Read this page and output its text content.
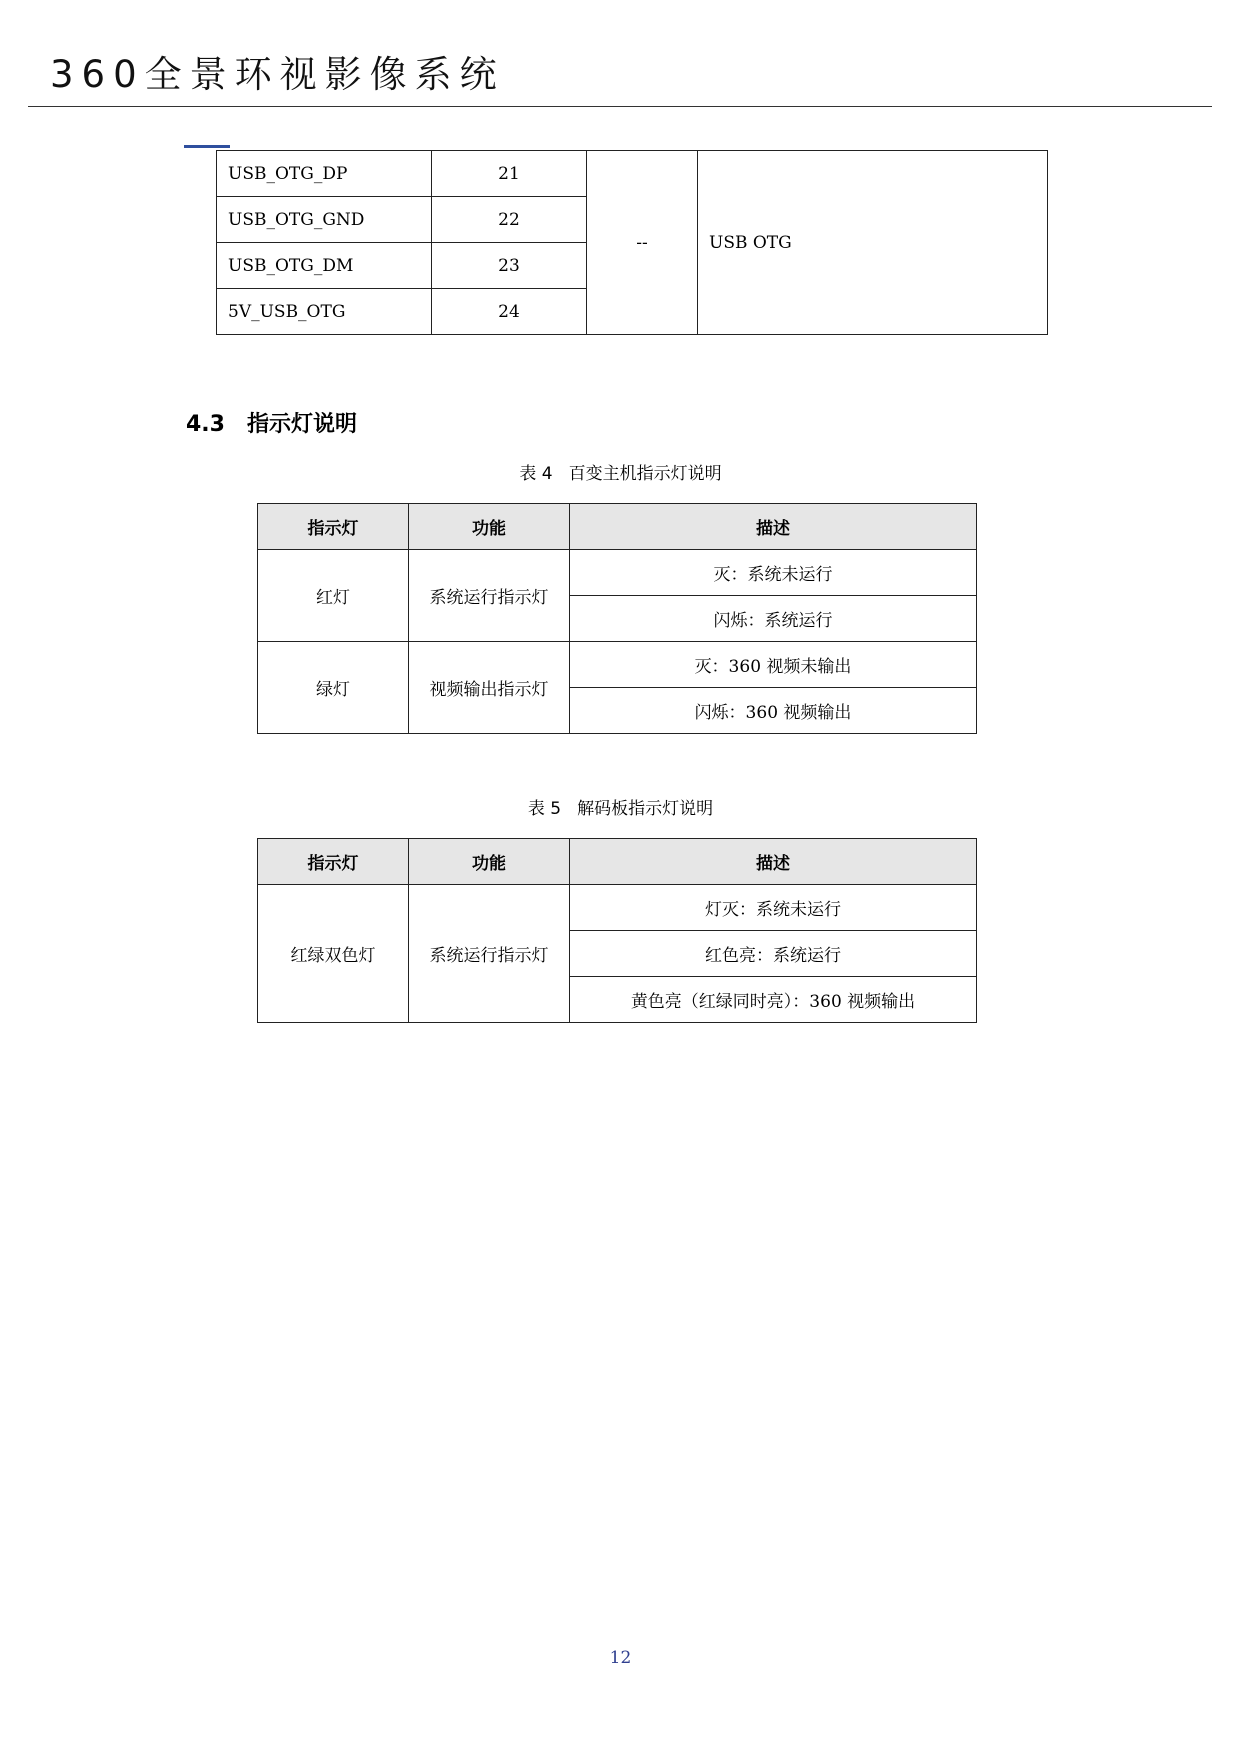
360全景环视影像系统
USB_OTG_DP	21	--	USB OTG
USB_OTG_GND	22		
USB_OTG_DM	23		
5V_USB_OTG	24		
4.3 指示灯说明
表 4 百变主机指示灯说明
指示灯	功能	描述
红灯	系统运行指示灯	灭：系统未运行
		闪烁：系统运行
绿灯	视频输出指示灯	灭：360 视频未输出
		闪烁：360 视频输出
表 5 解码板指示灯说明
指示灯	功能	描述
红绿双色灯	系统运行指示灯	灯灭：系统未运行
		红色亮：系统运行
		黄色亮（红绿同时亮）：360 视频输出
12
